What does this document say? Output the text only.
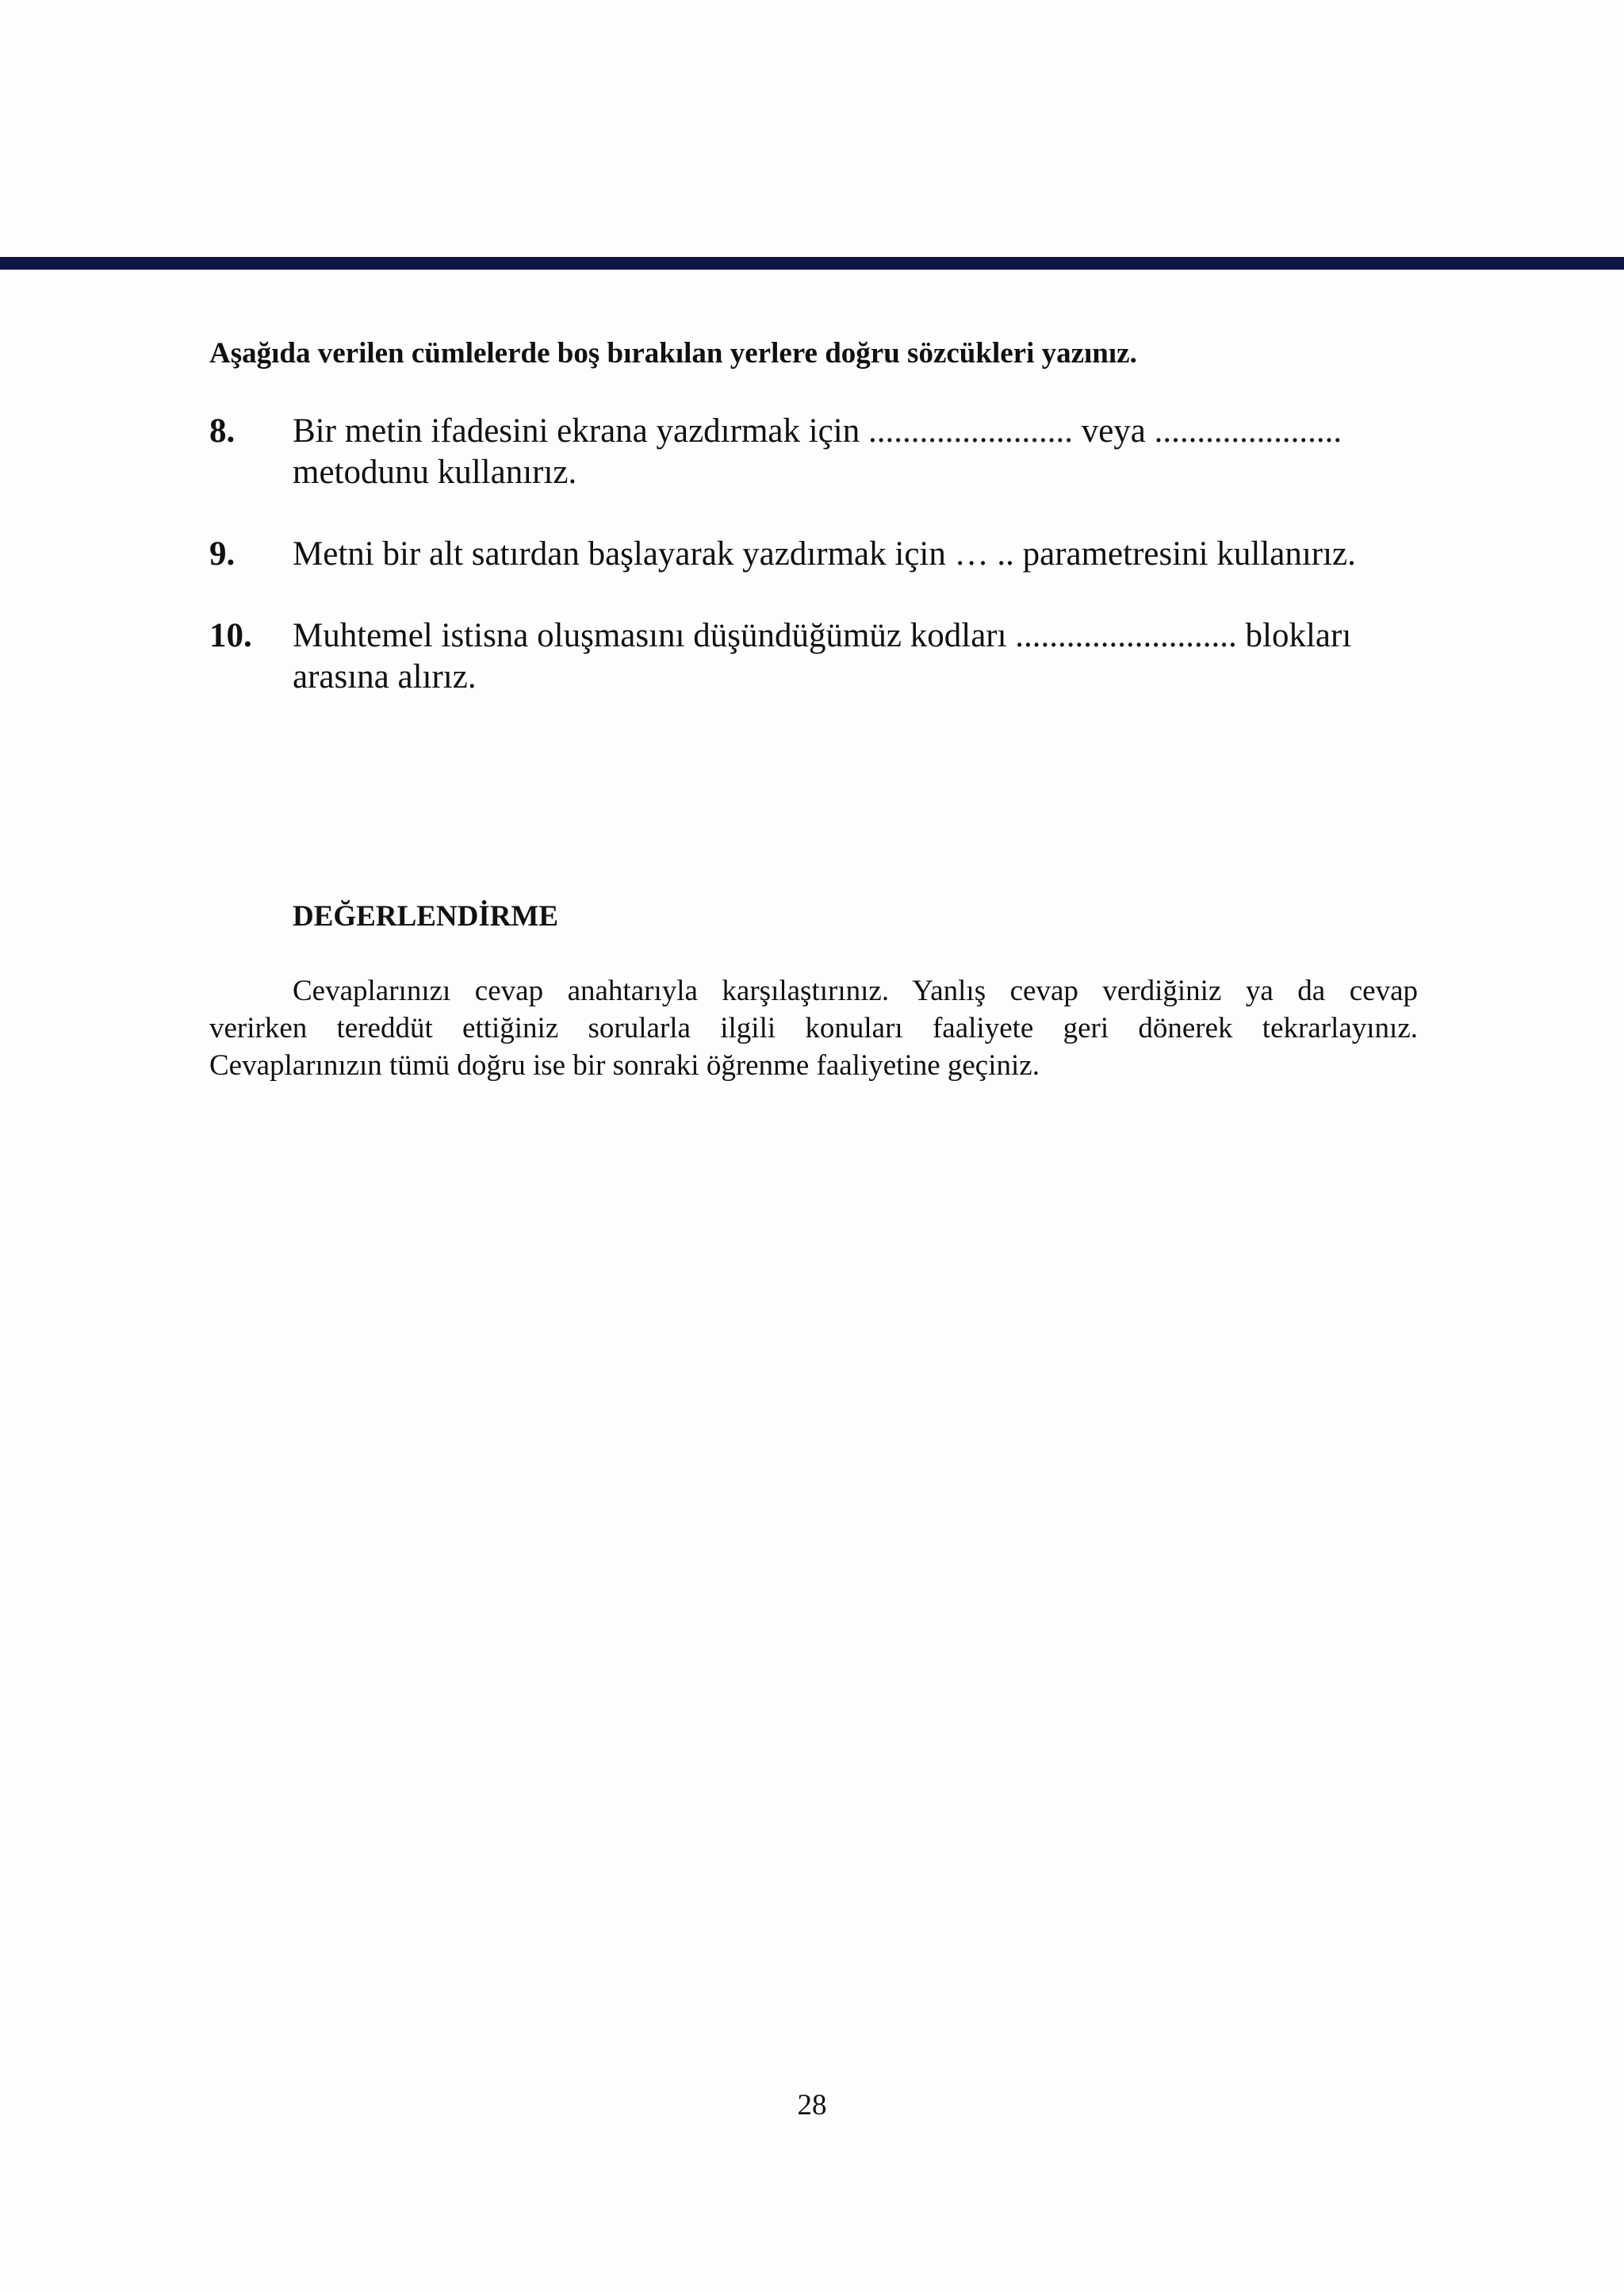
Aşağıda verilen cümlelerde boş bırakılan yerlere doğru sözcükleri yazınız.
8. Bir metin ifadesini ekrana yazdırmak için ........................ veya ......................
metodunu kullanırız.
9. Metni bir alt satırdan başlayarak yazdırmak için … .. parametresini kullanırız.
10. Muhtemel istisna oluşmasını düşündüğümüz kodları .......................... blokları
arasına alırız.
DEĞERLENDİRME
Cevaplarınızı cevap anahtarıyla karşılaştırınız. Yanlış cevap verdiğiniz ya da cevap
verirken tereddüt ettiğiniz sorularla ilgili konuları faaliyete geri dönerek tekrarlayınız.
Cevaplarınızın tümü doğru ise bir sonraki öğrenme faaliyetine geçiniz.
28
